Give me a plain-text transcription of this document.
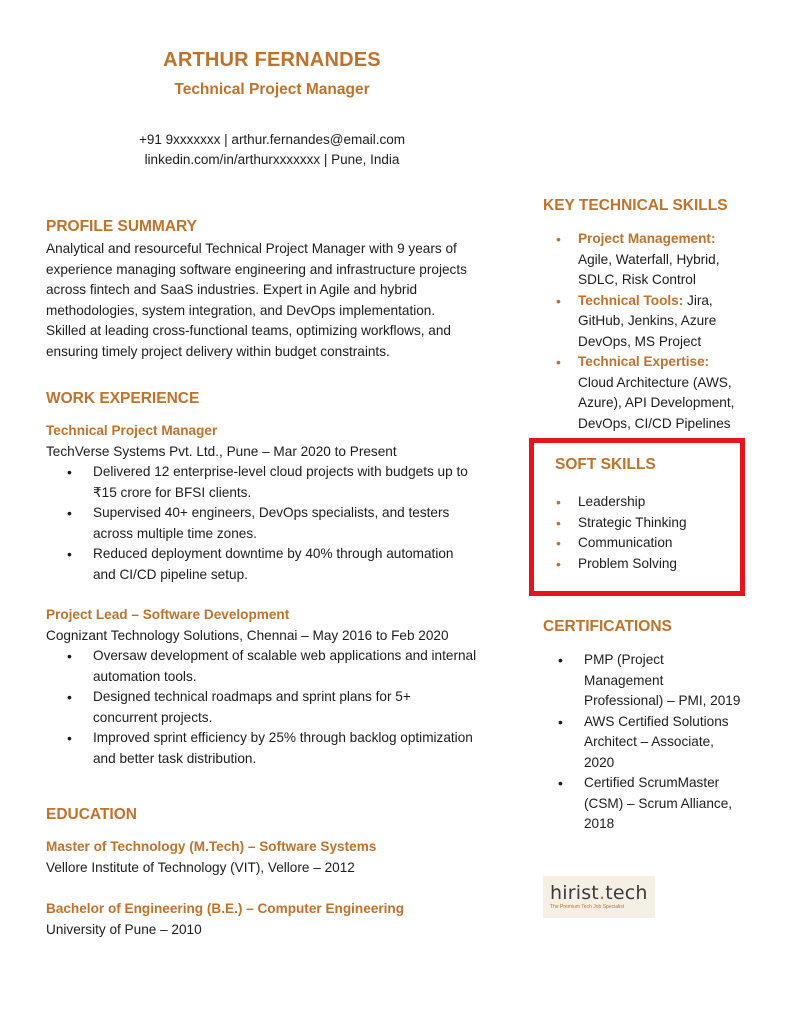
ARTHUR FERNANDES
Technical Project Manager
+91 9xxxxxxx | arthur.fernandes@email.com
linkedin.com/in/arthurxxxxxxx | Pune, India
PROFILE SUMMARY
Analytical and resourceful Technical Project Manager with 9 years of
experience managing software engineering and infrastructure projects
across fintech and SaaS industries. Expert in Agile and hybrid
methodologies, system integration, and DevOps implementation.
Skilled at leading cross-functional teams, optimizing workflows, and
ensuring timely project delivery within budget constraints.
WORK EXPERIENCE
Technical Project Manager
TechVerse Systems Pvt. Ltd., Pune – Mar 2020 to Present
• Delivered 12 enterprise-level cloud projects with budgets up to
₹15 crore for BFSI clients.
• Supervised 40+ engineers, DevOps specialists, and testers
across multiple time zones.
• Reduced deployment downtime by 40% through automation
and CI/CD pipeline setup.
Project Lead – Software Development
Cognizant Technology Solutions, Chennai – May 2016 to Feb 2020
• Oversaw development of scalable web applications and internal
automation tools.
• Designed technical roadmaps and sprint plans for 5+
concurrent projects.
• Improved sprint efficiency by 25% through backlog optimization
and better task distribution.
EDUCATION
Master of Technology (M.Tech) – Software Systems
Vellore Institute of Technology (VIT), Vellore – 2012
Bachelor of Engineering (B.E.) – Computer Engineering
University of Pune – 2010
KEY TECHNICAL SKILLS
• Project Management:
Agile, Waterfall, Hybrid,
SDLC, Risk Control
• Technical Tools: Jira,
GitHub, Jenkins, Azure
DevOps, MS Project
• Technical Expertise:
Cloud Architecture (AWS,
Azure), API Development,
DevOps, CI/CD Pipelines
SOFT SKILLS
• Leadership
• Strategic Thinking
• Communication
• Problem Solving
CERTIFICATIONS
• PMP (Project
Management
Professional) – PMI, 2019
• AWS Certified Solutions
Architect – Associate,
2020
• Certified ScrumMaster
(CSM) – Scrum Alliance,
2018
hirist.tech
The Premium Tech Job Specialist
